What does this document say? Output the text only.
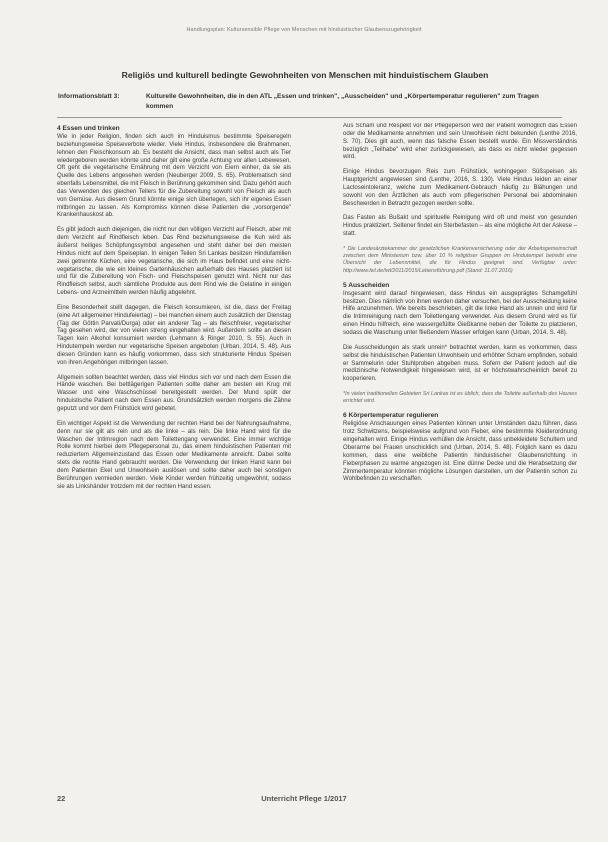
Handlungsplan: Kultursensible Pflege von Menschen mit hinduistischer Glaubenszugehörigkeit
Religiös und kulturell bedingte Gewohnheiten von Menschen mit hinduistischem Glauben
Informationsblatt 3:	Kulturelle Gewohnheiten, die in den ATL „Essen und trinken", „Ausscheiden" und „Körpertemperatur regulieren" zum Tragen kommen
4 Essen und trinken

Wie in jeder Religion, finden sich auch im Hinduismus bestimmte Speiseregeln beziehungsweise Speiseverbote wieder. Viele Hindus, insbesondere die Brahmanen, lehnen den Fleischkonsum ab. Es besteht die Ansicht, dass man selbst auch als Tier wiedergeboren werden könnte und daher gilt eine große Achtung vor allen Lebewesen. Oft geht die vegetarische Ernährung mit dem Verzicht von Eiern einher, da sie als Quelle des Lebens angesehen werden (Neuberger 2009, S. 65). Problematisch sind ebenfalls Lebensmittel, die mit Fleisch in Berührung gekommen sind. Dazu gehört auch das Verwenden des gleichen Tellers für die Zubereitung sowohl von Fleisch als auch von Gemüse. Aus diesem Grund könnte einige sich überlegen, sich ihr eigenes Essen mitbringen zu lassen. Als Kompromiss können diese Patienten die „vorsorgende" Krankenhauskost ab.

Es gibt jedoch auch diejenigen, die nicht nur den völligen Verzicht auf Fleisch, aber mit dem Verzicht auf Rindfleisch leben. Das Rind beziehungsweise die Kuh wird als äußerst heiliges Schöpfungssymbol angesehen und steht daher bei den meisten Hindus nicht auf dem Speiseplan. In einigen Teilen Sri Lankas besitzen Hindufamilien zwei getrennte Küchen, eine vegetarische, die sich im Haus befindet und eine nicht-vegetarische, die wie ein kleines Gartenhäuschen außerhalb des Hauses platziert ist und für die Zubereitung von Fisch- und Fleischspeisen genutzt wird. Nicht nur das Rindfleisch selbst, auch sämtliche Produkte aus dem Rind wie die Gelatine in einigen Lebens- und Arzneimitteln werden häufig abgelehnt.

Eine Besonderheit stellt dagegen, die Fleisch konsumieren, ist die, dass der Freitag (eine Art allgemeiner Hindufeiertag) – bei manchen einem auch zusätzlich der Dienstag (Tag der Göttin Parvati/Durga) oder ein anderer Tag – als fleischfreier, vegetarischer Tag gesehen wird, der von vielen streng eingehalten wird. Außerdem sollte an diesen Tagen kein Alkohol konsumiert werden (Lehmann & Ringer 2010, S. 55). Auch in Hindutempeln werden nur vegetarische Speisen angeboten (Urban, 2014, S. 48). Aus diesen Gründen kann es häufig vorkommen, dass sich strukturierte Hindus Speisen von ihren Angehörigen mitbringen lassen.

Allgemein sollten beachtet werden, dass viel Hindus sich vor und nach dem Essen die Hände waschen. Bei bettlägerigen Patienten sollte daher am besten ein Krug mit Wasser und eine Waschschüssel bereitgestellt werden. Der Mund spült der hinduistische Patient nach dem Essen aus. Grundsätzlich werden morgens die Zähne geputzt und vor dem Frühstück wird gebetet.

Ein wichtiger Aspekt ist die Verwendung der rechten Hand bei der Nahrungsaufnahme, denn nur sie gilt als rein und als die linke – als rein. Die linke Hand wird für die Waschen der Intimregion nach dem Toilettengang verwendet. Eine immer wichtige Rolle kommt hierbei dem Pflegepersonal zu, das einem hinduistischen Patienten mit reduziertem Allgemeinzustand das Essen oder Medikamente anreicht. Dabei sollte stets die rechte Hand gebraucht werden. Die Verwendung der linken Hand kann bei dem Patienten Ekel und Unwohlsein auslösen und sollte daher auch bei sonstigen Berührungen vermieden werden. Viele Kinder werden frühzeitig umgewöhnt, sodass sie als Linkshänder trotzdem mit der rechten Hand essen.

Aus Scham und Respekt vor der Pflegeperson wird der Patient womöglich das Essen oder die Medikamente annehmen und sein Unwohlsein nicht bekunden (Lenthe 2016, S. 70). Dies gilt auch, wenn das falsche Essen bestellt wurde. Ein Missverständnis bezüglich „Teilhabe" wird eher zurückgewiesen, als dass es nicht wieder gegessen wird.

Einige Hindus bevorzugen Reis zum Frühstück, wohingegen Süßspeisen als Hauptgericht angewiesen sind (Lenthe, 2016, S. 130). Viele Hindus leiden an einer Lactoseintoleranz, welche zum Medikament-Gebrauch häufig zu Blähungen und sowohl von den Ärztlichen als auch vom pflegerischen Personal bei abdominalen Beschwerden in Betracht gezogen werden sollte.

Das Fasten als Bußakt und spirituelle Reinigung wird oft und meist von gesunden Hindus praktiziert. Seltener findet ein Sterbefasten – als eine mögliche Art der Askese – statt.

* Die Landesärztekammer der gesetzlichen Krankenversicherung oder der Arbeitsgemeinschaft zwischen dem Ministerium bzw. über 10 % religiöser Gruppen im Hindutempel betreibt eine Übersicht der Lebensmittel, die für Hindus geeignet sind. Verfügbar unter: http://www.lwl.de/lwl/2011/2015/Lebensführung.pdf (Stand: 11.07.2016)
5 Ausscheiden

Insgesamt wird darauf hingewiesen, dass Hindus ein ausgeprägtes Schamgefühl besitzen. Dies nämlich von ihnen werden daher versuchen, bei der Ausscheidung keine Hilfe anzunehmen. Wie bereits beschrieben, gilt die linke Hand als unrein und wird für die Intimreinigung nach dem Toilettengang verwendet. Aus diesem Grund wird es für einen Hindu hilfreich, eine wassergefüllte Gießkanne neben der Toilette zu platzieren, sodass die Waschung unter fließendem Wasser erfolgen kann (Urban, 2014, S. 48).

Die Ausscheidungen als stark unrein* betrachtet werden, kann es vorkommen, dass selbst die hinduistischen Patienten Unwohlsein und erhöhter Scham empfinden, sobald er Sammelurin oder Stuhlproben abgeben muss. Sofern der Patient jedoch auf die medizinische Notwendigkeit hingewiesen wird, ist er höchstwahrscheinlich bereit zu kooperieren.

*In vielen traditionellen Gebieten Sri Lankas ist es üblich, dass die Toilette außerhalb des Hauses errichtet wird.
6 Körpertemperatur regulieren

Religiöse Anschauungen eines Patienten können unter Umständen dazu führen, dass trotz Schwitzens, beispielsweise aufgrund von Fieber, eine bestimmte Kleiderordnung eingehalten wird. Einige Hindus verhüllen die Ansicht, dass unbekleidete Schultern und Oberarme bei Frauen unschicklich sind (Urban, 2014, S. 48). Folglich kann es dazu kommen, dass eine weibliche Patientin hinduistischer Glaubensrichtung in Fieberphasen zu warme angezogen ist. Eine dünne Decke und die Herabsetzung der Zimmertemperatur könnten mögliche Lösungen darstellen, um der Patientin schon zu Wohlbefinden zu verschaffen.

22	Unterricht Pflege 1/2017
